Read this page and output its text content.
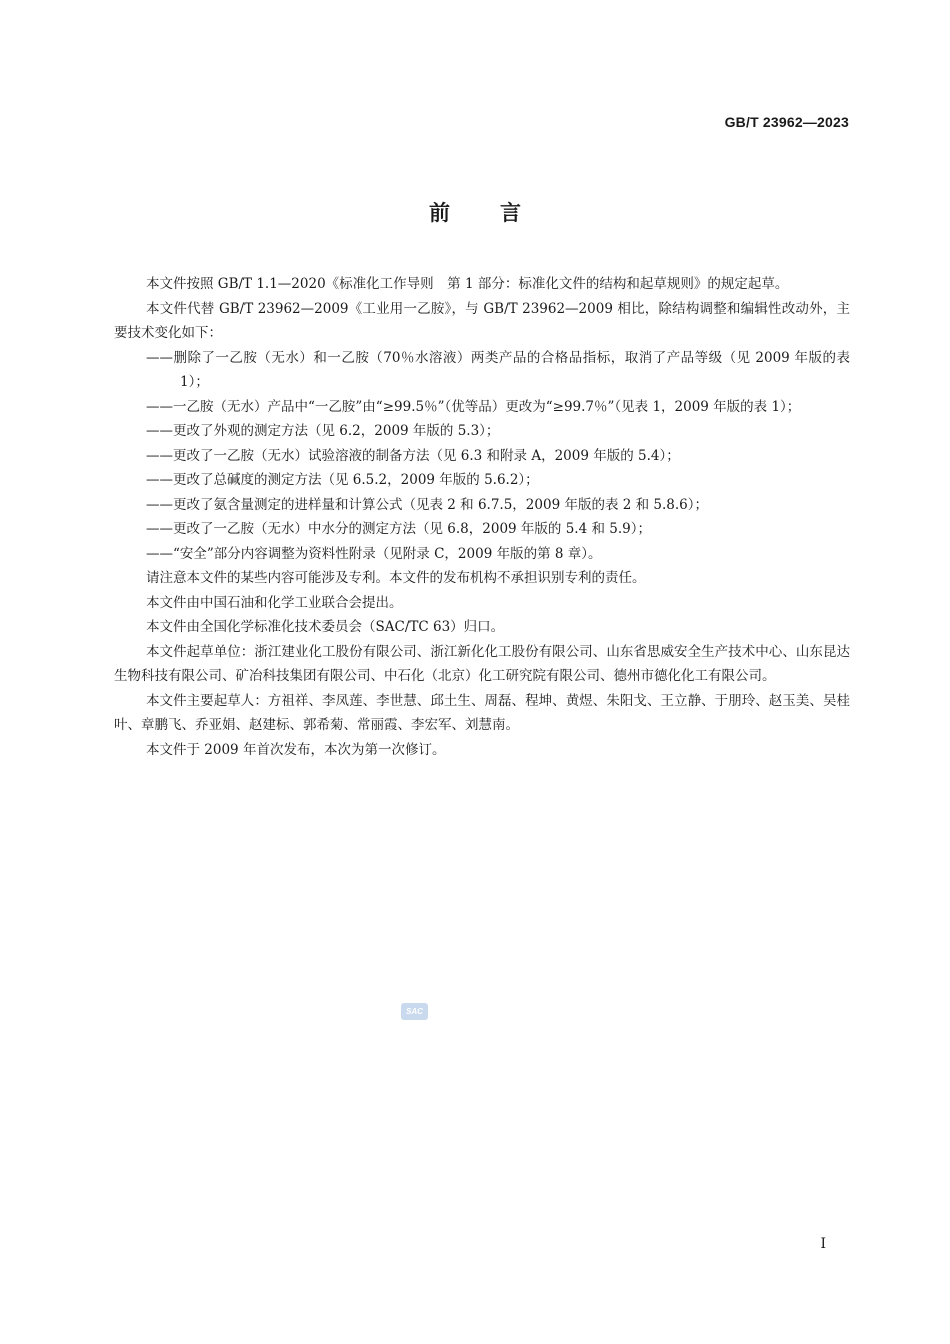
GB/T 23962—2023
前言

本文件按照 GB/T 1.1—2020《标准化工作导则　第 1 部分：标准化文件的结构和起草规则》的规定起草。

本文件代替 GB/T 23962—2009《工业用一乙胺》，与 GB/T 23962—2009 相比，除结构调整和编辑性改动外，主要技术变化如下：

——删除了一乙胺（无水）和一乙胺（70％水溶液）两类产品的合格品指标，取消了产品等级（见 2009 年版的表 1）；

——一乙胺（无水）产品中“一乙胺”由“≥99.5％”（优等品）更改为“≥99.7％”（见表 1，2009 年版的表 1）；

——更改了外观的测定方法（见 6.2，2009 年版的 5.3）；

——更改了一乙胺（无水）试验溶液的制备方法（见 6.3 和附录 A，2009 年版的 5.4）；

——更改了总碱度的测定方法（见 6.5.2，2009 年版的 5.6.2）；

——更改了氨含量测定的进样量和计算公式（见表 2 和 6.7.5，2009 年版的表 2 和 5.8.6）；

——更改了一乙胺（无水）中水分的测定方法（见 6.8，2009 年版的 5.4 和 5.9）；

——“安全”部分内容调整为资料性附录（见附录 C，2009 年版的第 8 章）。

请注意本文件的某些内容可能涉及专利。本文件的发布机构不承担识别专利的责任。

本文件由中国石油和化学工业联合会提出。

本文件由全国化学标准化技术委员会（SAC/TC 63）归口。

本文件起草单位：浙江建业化工股份有限公司、浙江新化化工股份有限公司、山东省思威安全生产技术中心、山东昆达生物科技有限公司、矿冶科技集团有限公司、中石化（北京）化工研究院有限公司、德州市德化化工有限公司。

本文件主要起草人：方祖祥、李凤莲、李世慧、邱土生、周磊、程坤、黄煜、朱阳戈、王立静、于朋玲、赵玉美、吴桂叶、章鹏飞、乔亚娟、赵建标、郭希菊、常丽霞、李宏军、刘慧南。

本文件于 2009 年首次发布，本次为第一次修订。

SAC
I
